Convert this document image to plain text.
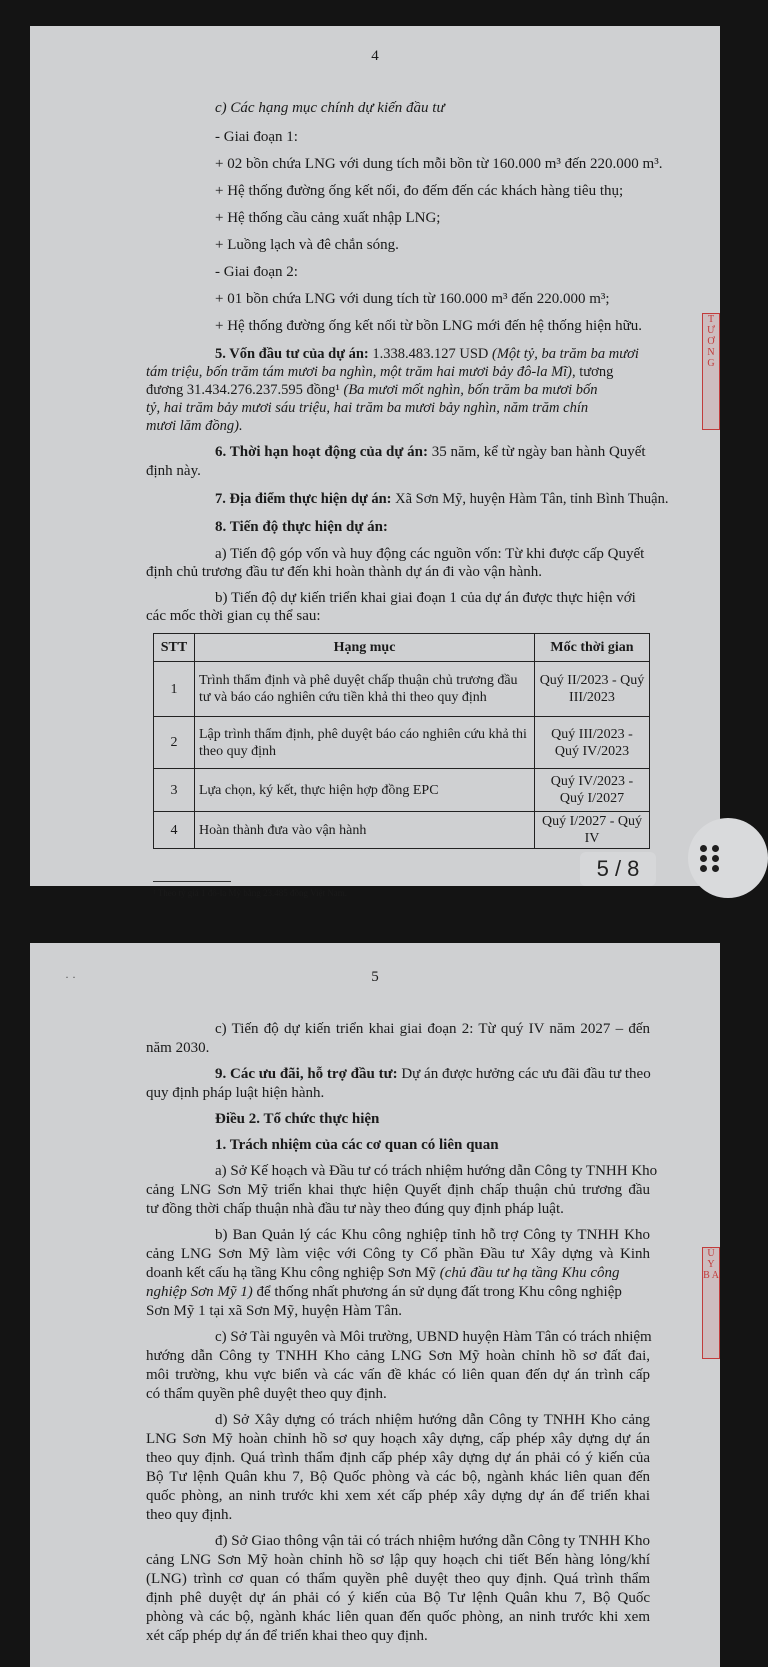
4
c) Các hạng mục chính dự kiến đầu tư
- Giai đoạn 1:
+ 02 bồn chứa LNG với dung tích mỗi bồn từ 160.000 m³ đến 220.000 m³.
+ Hệ thống đường ống kết nối, đo đếm đến các khách hàng tiêu thụ;
+ Hệ thống cầu cảng xuất nhập LNG;
+ Luồng lạch và đê chắn sóng.
- Giai đoạn 2:
+ 01 bồn chứa LNG với dung tích từ 160.000 m³ đến 220.000 m³;
+ Hệ thống đường ống kết nối từ bồn LNG mới đến hệ thống hiện hữu.
5. Vốn đầu tư của dự án: 1.338.483.127 USD (Một tỷ, ba trăm ba mươi
tám triệu, bốn trăm tám mươi ba nghìn, một trăm hai mươi bảy đô-la Mĩ), tương
đương 31.434.276.237.595 đồng¹ (Ba mươi mốt nghìn, bốn trăm ba mươi bốn
tỷ, hai trăm bảy mươi sáu triệu, hai trăm ba mươi bảy nghìn, năm trăm chín
mươi lăm đồng).
6. Thời hạn hoạt động của dự án: 35 năm, kể từ ngày ban hành Quyết
định này.
7. Địa điểm thực hiện dự án: Xã Sơn Mỹ, huyện Hàm Tân, tỉnh Bình Thuận.
8. Tiến độ thực hiện dự án:
a) Tiến độ góp vốn và huy động các nguồn vốn: Từ khi được cấp Quyết
định chủ trương đầu tư đến khi hoàn thành dự án đi vào vận hành.
b) Tiến độ dự kiến triển khai giai đoạn 1 của dự án được thực hiện với
các mốc thời gian cụ thể sau:
STT	Hạng mục	Mốc thời gian
1	Trình thẩm định và phê duyệt chấp thuận chủ trương đầu tư và báo cáo nghiên cứu tiền khả thi theo quy định	Quý II/2023 - Quý III/2023
2	Lập trình thẩm định, phê duyệt báo cáo nghiên cứu khả thi theo quy định	Quý III/2023 - Quý IV/2023
3	Lựa chọn, ký kết, thực hiện hợp đồng EPC	Quý IV/2023 - Quý I/2027
4	Hoàn thành đưa vào vận hành	Quý I/2027 - Quý IV
¹ Theo tỷ giá 1 đô-la Mỹ bằng 23.485 đồng Việt Nam.
T Ư Ơ N G
5 / 8
· ·	5
c) Tiến độ dự kiến triển khai giai đoạn 2: Từ quý IV năm 2027 – đến
năm 2030.
9. Các ưu đãi, hỗ trợ đầu tư: Dự án được hưởng các ưu đãi đầu tư theo
quy định pháp luật hiện hành.
Điều 2. Tổ chức thực hiện
1. Trách nhiệm của các cơ quan có liên quan
a) Sở Kế hoạch và Đầu tư có trách nhiệm hướng dẫn Công ty TNHH Kho
cảng LNG Sơn Mỹ triển khai thực hiện Quyết định chấp thuận chủ trương đầu
tư đồng thời chấp thuận nhà đầu tư này theo đúng quy định pháp luật.
b) Ban Quản lý các Khu công nghiệp tỉnh hỗ trợ Công ty TNHH Kho
cảng LNG Sơn Mỹ làm việc với Công ty Cổ phần Đầu tư Xây dựng và Kinh
doanh kết cấu hạ tầng Khu công nghiệp Sơn Mỹ (chủ đầu tư hạ tầng Khu công
nghiệp Sơn Mỹ 1) để thống nhất phương án sử dụng đất trong Khu công nghiệp
Sơn Mỹ 1 tại xã Sơn Mỹ, huyện Hàm Tân.
c) Sở Tài nguyên và Môi trường, UBND huyện Hàm Tân có trách nhiệm
hướng dẫn Công ty TNHH Kho cảng LNG Sơn Mỹ hoàn chỉnh hồ sơ đất đai,
môi trường, khu vực biển và các vấn đề khác có liên quan đến dự án trình cấp
có thẩm quyền phê duyệt theo quy định.
d) Sở Xây dựng có trách nhiệm hướng dẫn Công ty TNHH Kho cảng
LNG Sơn Mỹ hoàn chỉnh hồ sơ quy hoạch xây dựng, cấp phép xây dựng dự án
theo quy định. Quá trình thẩm định cấp phép xây dựng dự án phải có ý kiến của
Bộ Tư lệnh Quân khu 7, Bộ Quốc phòng và các bộ, ngành khác liên quan đến
quốc phòng, an ninh trước khi xem xét cấp phép xây dựng dự án để triển khai
theo quy định.
đ) Sở Giao thông vận tải có trách nhiệm hướng dẫn Công ty TNHH Kho
cảng LNG Sơn Mỹ hoàn chỉnh hồ sơ lập quy hoạch chi tiết Bến hàng lỏng/khí
(LNG) trình cơ quan có thẩm quyền phê duyệt theo quy định. Quá trình thẩm
định phê duyệt dự án phải có ý kiến của Bộ Tư lệnh Quân khu 7, Bộ Quốc
phòng và các bộ, ngành khác liên quan đến quốc phòng, an ninh trước khi xem
xét cấp phép dự án để triển khai theo quy định.
Ủ Y B A
